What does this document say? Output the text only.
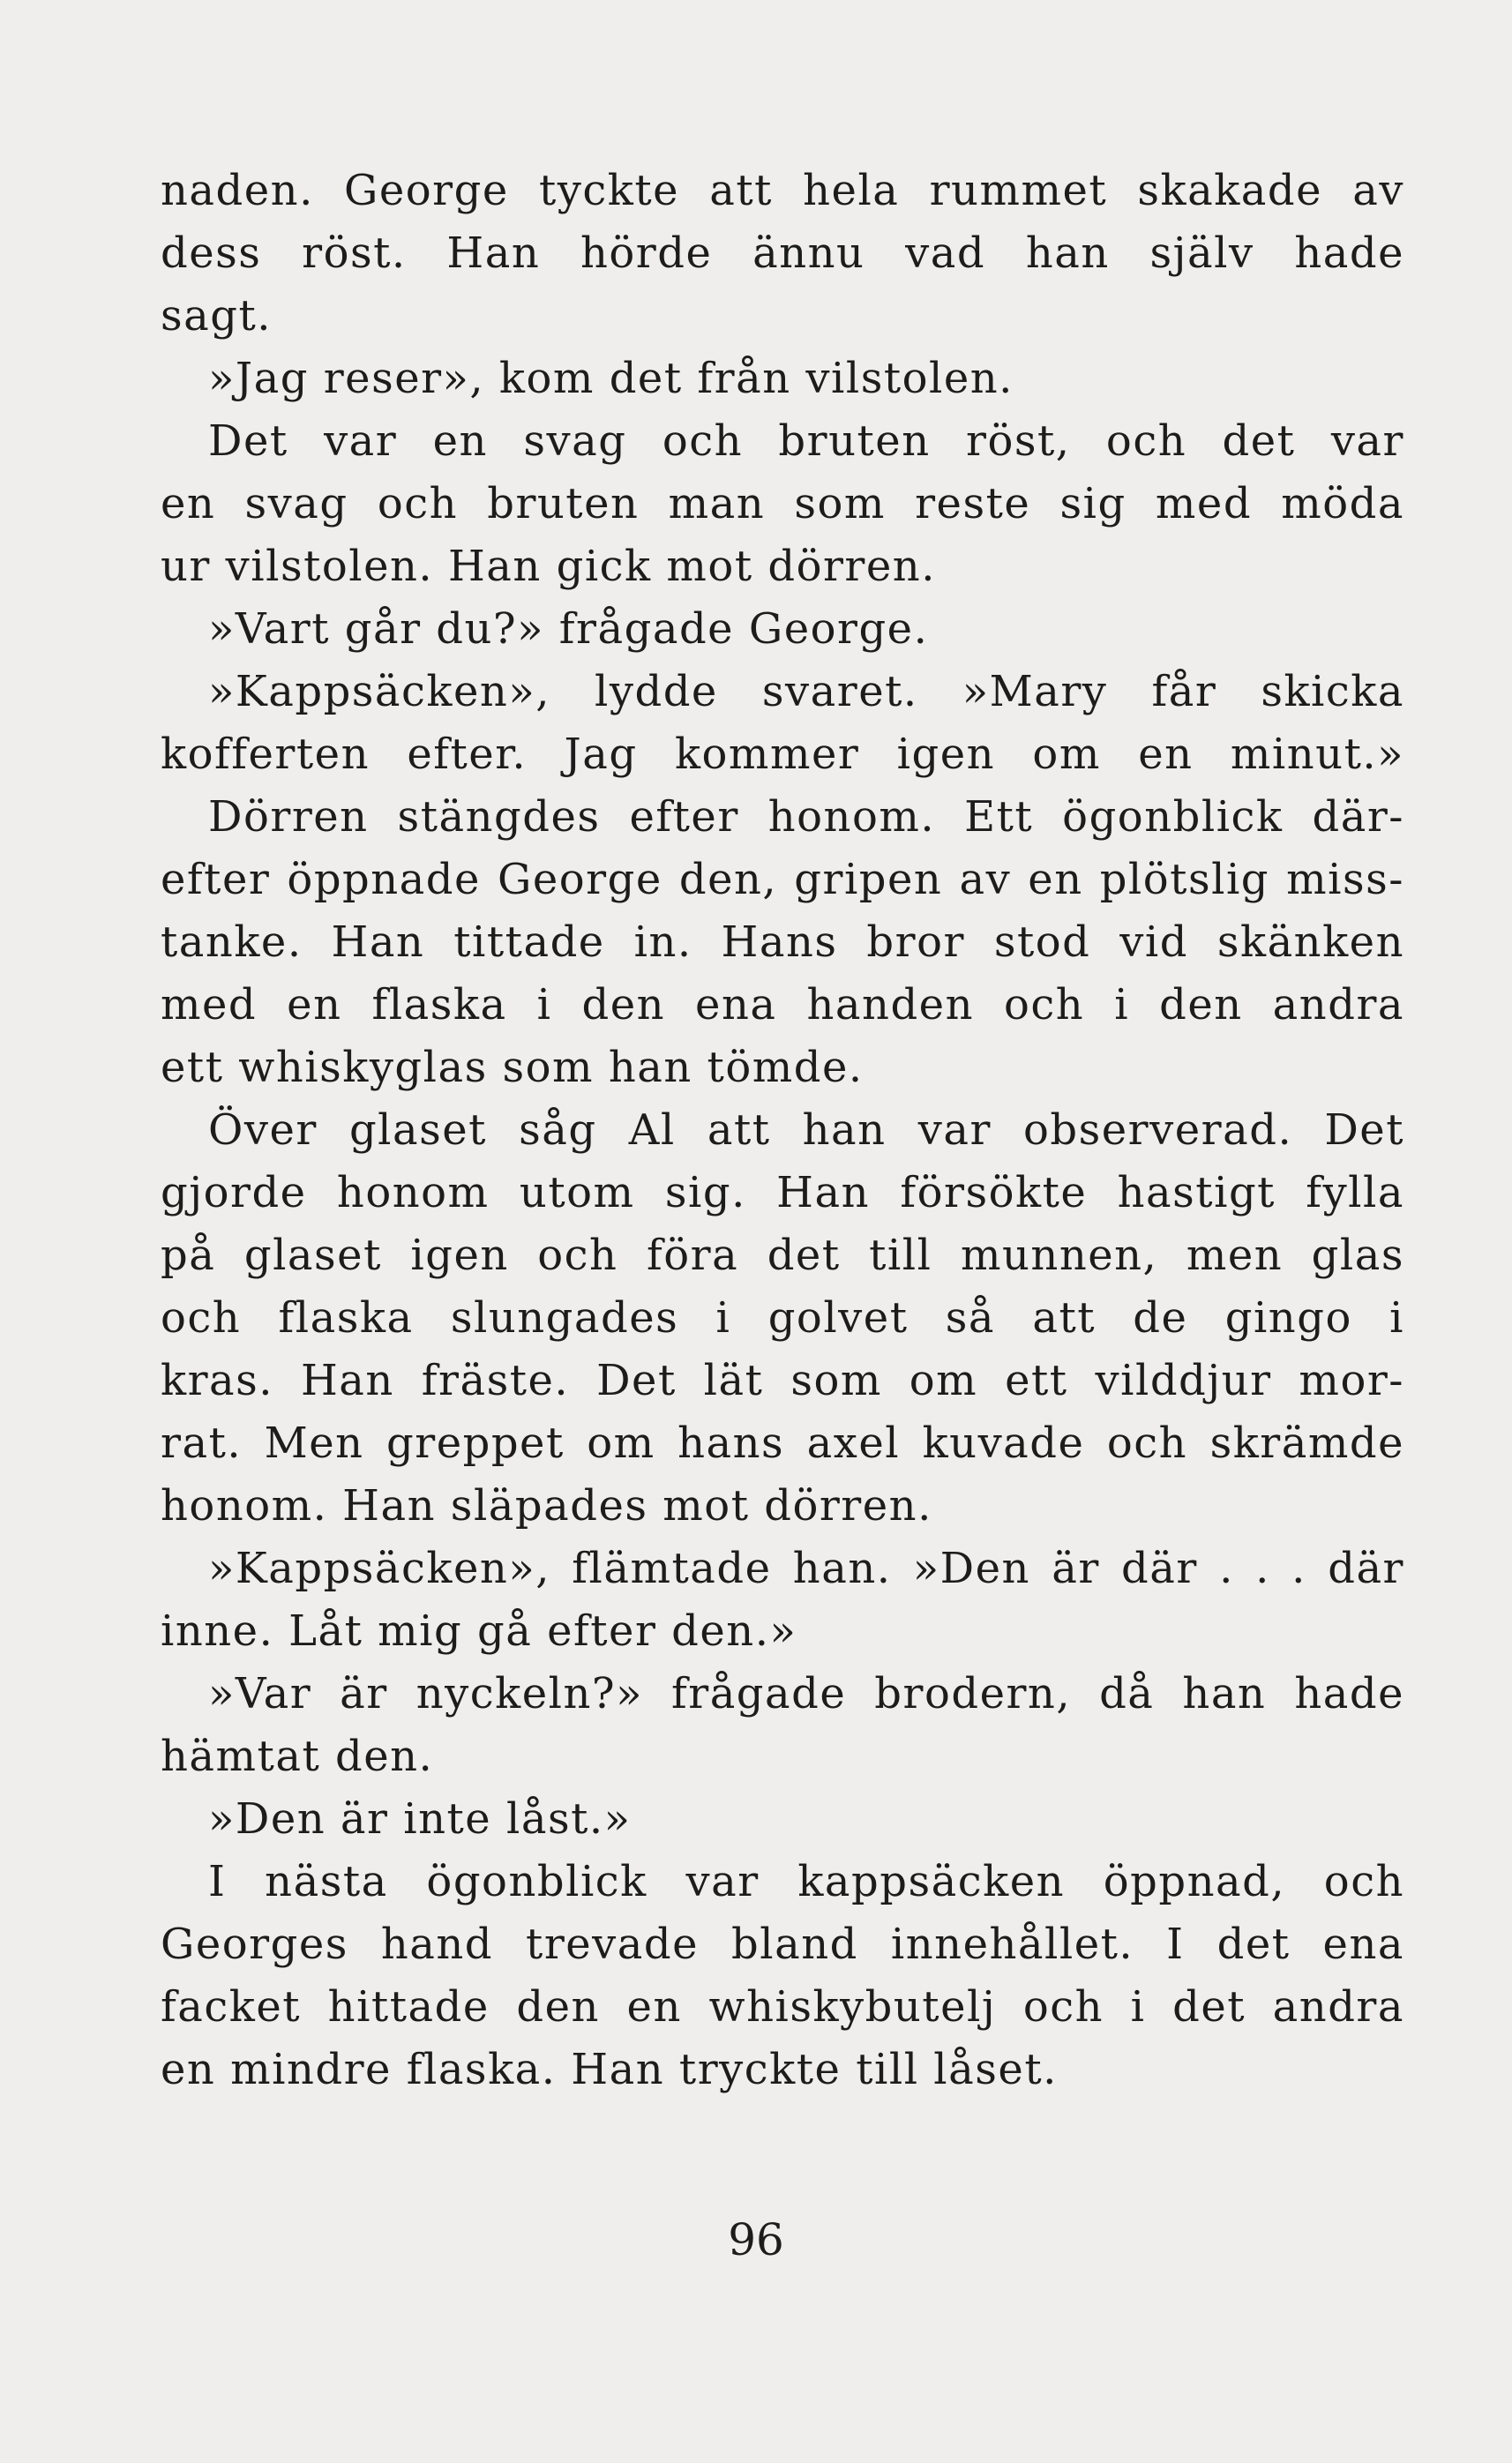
naden. George tyckte att hela rummet skakade av
dess röst. Han hörde ännu vad han själv hade
sagt.
»Jag reser», kom det från vilstolen.
Det var en svag och bruten röst, och det var
en svag och bruten man som reste sig med möda
ur vilstolen. Han gick mot dörren.
»Vart går du?» frågade George.
»Kappsäcken», lydde svaret. »Mary får skicka
kofferten efter. Jag kommer igen om en minut.»
Dörren stängdes efter honom. Ett ögonblick där-
efter öppnade George den, gripen av en plötslig miss-
tanke. Han tittade in. Hans bror stod vid skänken
med en flaska i den ena handen och i den andra
ett whiskyglas som han tömde.
Över glaset såg Al att han var observerad. Det
gjorde honom utom sig. Han försökte hastigt fylla
på glaset igen och föra det till munnen, men glas
och flaska slungades i golvet så att de gingo i
kras. Han fräste. Det lät som om ett vilddjur mor-
rat. Men greppet om hans axel kuvade och skrämde
honom. Han släpades mot dörren.
»Kappsäcken», flämtade han. »Den är där . . . där
inne. Låt mig gå efter den.»
»Var är nyckeln?» frågade brodern, då han hade
hämtat den.
»Den är inte låst.»
I nästa ögonblick var kappsäcken öppnad, och
Georges hand trevade bland innehållet. I det ena
facket hittade den en whiskybutelj och i det andra
en mindre flaska. Han tryckte till låset.
96
